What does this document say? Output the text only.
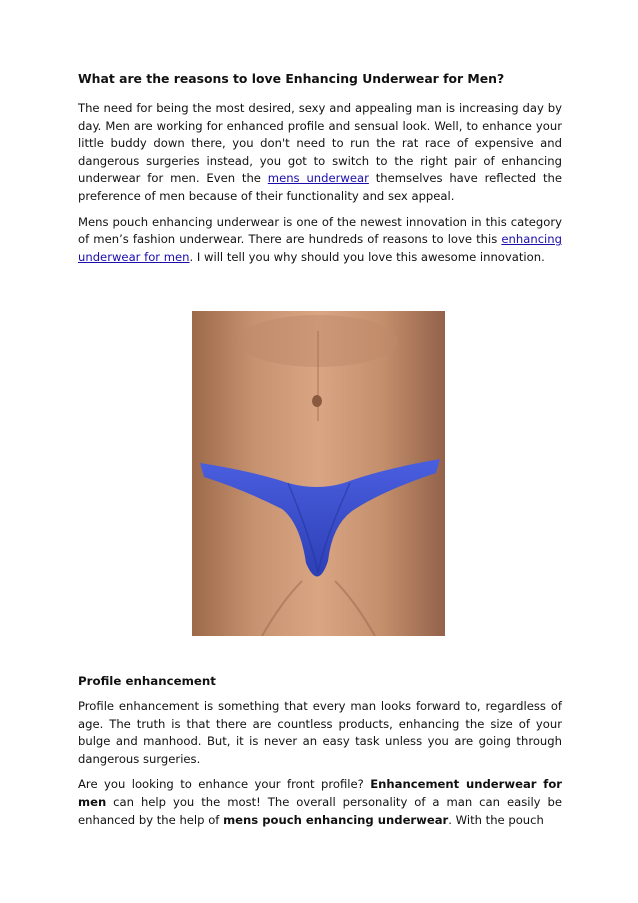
What are the reasons to love Enhancing Underwear for Men?

The need for being the most desired, sexy and appealing man is increasing day by day. Men are working for enhanced profile and sensual look. Well, to enhance your little buddy down there, you don't need to run the rat race of expensive and dangerous surgeries instead, you got to switch to the right pair of enhancing underwear for men. Even the mens underwear themselves have reflected the preference of men because of their functionality and sex appeal.

Mens pouch enhancing underwear is one of the newest innovation in this category of men’s fashion underwear. There are hundreds of reasons to love this enhancing underwear for men. I will tell you why should you love this awesome innovation.

Profile enhancement

Profile enhancement is something that every man looks forward to, regardless of age. The truth is that there are countless products, enhancing the size of your bulge and manhood. But, it is never an easy task unless you are going through dangerous surgeries.

Are you looking to enhance your front profile? Enhancement underwear for men can help you the most! The overall personality of a man can easily be enhanced by the help of mens pouch enhancing underwear. With the pouch
